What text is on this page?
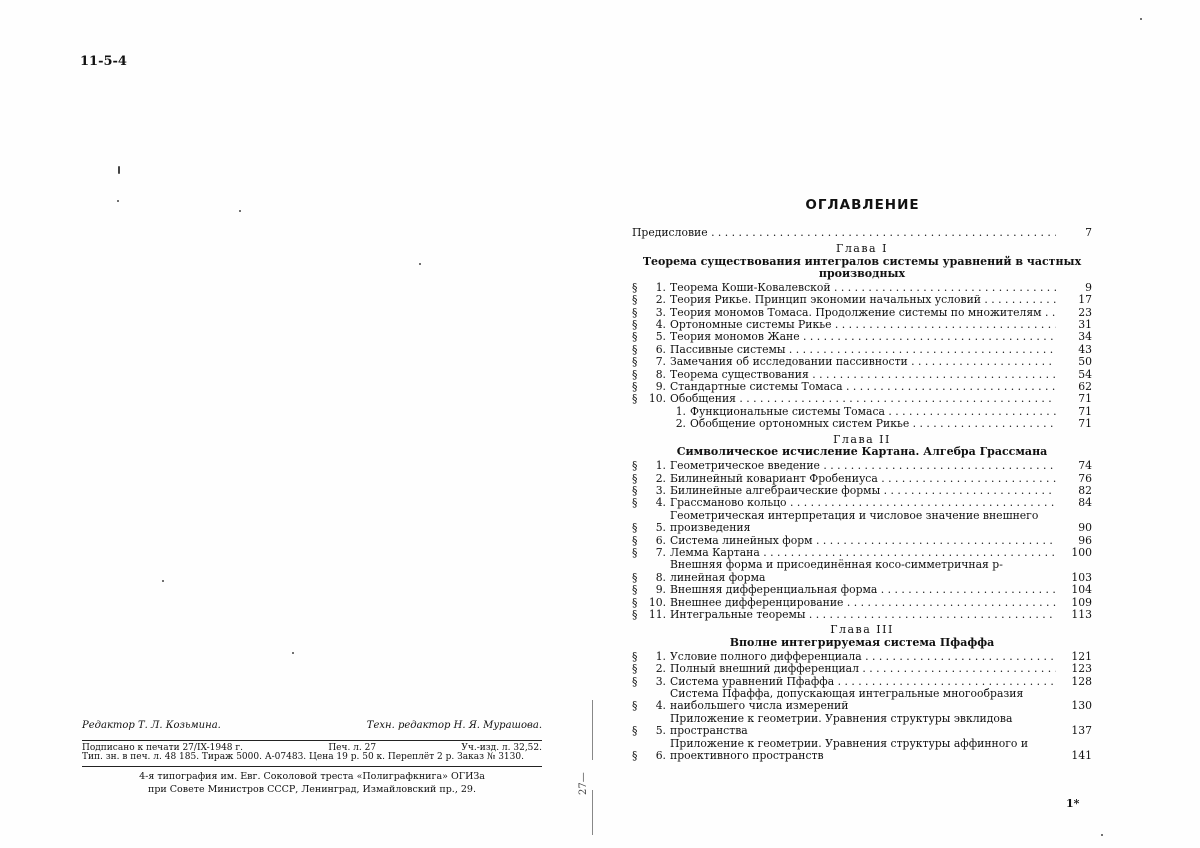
11-5-4
Редактор Т. Л. Козьмина.	Техн. редактор Н. Я. Мурашова.
Подписано к печати 27/IX-1948 г.	Печ. л. 27	Уч.-изд. л. 32,52.
Тип. зн. в печ. л. 48 185. Тираж 5000. А-07483. Цена 19 р. 50 к. Переплёт 2 р. Заказ № 3130.
4-я типография им. Евг. Соколовой треста «Полиграфкнига» ОГИЗа
при Совете Министров СССР, Ленинград, Измайловский пр., 29.	27—
ОГЛАВЛЕНИЕ
Предисловие . . .	7
Глава I
Теорема существования интегралов системы уравнений в частных производных
§	1. Теорема Коши-Ковалевской . . .	9
§	2. Теория Рикье. Принцип экономии начальных условий . . .	17
§	3. Теория мономов Томаса. Продолжение системы по множителям . . .	23
§	4. Ортономные системы Рикье . . .	31
§	5. Теория мономов Жане . . .	34
§	6. Пассивные системы . . .	43
§	7. Замечания об исследовании пассивности . . .	50
§	8. Теорема существования . . .	54
§	9. Стандартные системы Томаса . . .	62
§	10. Обобщения . . .	71
1. Функциональные системы Томаса . . .	71
2. Обобщение ортономных систем Рикье . . .	71
Глава II
Символическое исчисление Картана. Алгебра Грассмана
§	1. Геометрическое введение . . .	74
§	2. Билинейный ковариант Фробениуса . . .	76
§	3. Билинейные алгебраические формы . . .	82
§	4. Грассманово кольцо . . .	84
§	5.
Геометрическая интерпретация и числовое значение внешнего произведения	90
§	6. Система линейных форм . . .	96
§	7. Лемма Картана . . .	100
§	8.
Внешняя форма и присоединённая косо-симметричная p-линейная форма	103
§	9. Внешняя дифференциальная форма . . .	104
§	10. Внешнее дифференцирование . . .	109
§	11. Интегральные теоремы . . .	113
Глава III
Вполне интегрируемая система Пфаффа
§	1. Условие полного дифференциала . . .	121
§	2. Полный внешний дифференциал . . .	123
§	3. Система уравнений Пфаффа . . .	128
§	4.
Система Пфаффа, допускающая интегральные многообразия наибольшего числа измерений	130
§	5.
Приложение к геометрии. Уравнения структуры эвклидова пространства	137
§	6.
Приложение к геометрии. Уравнения структуры аффинного и проективного пространств	141
1*
